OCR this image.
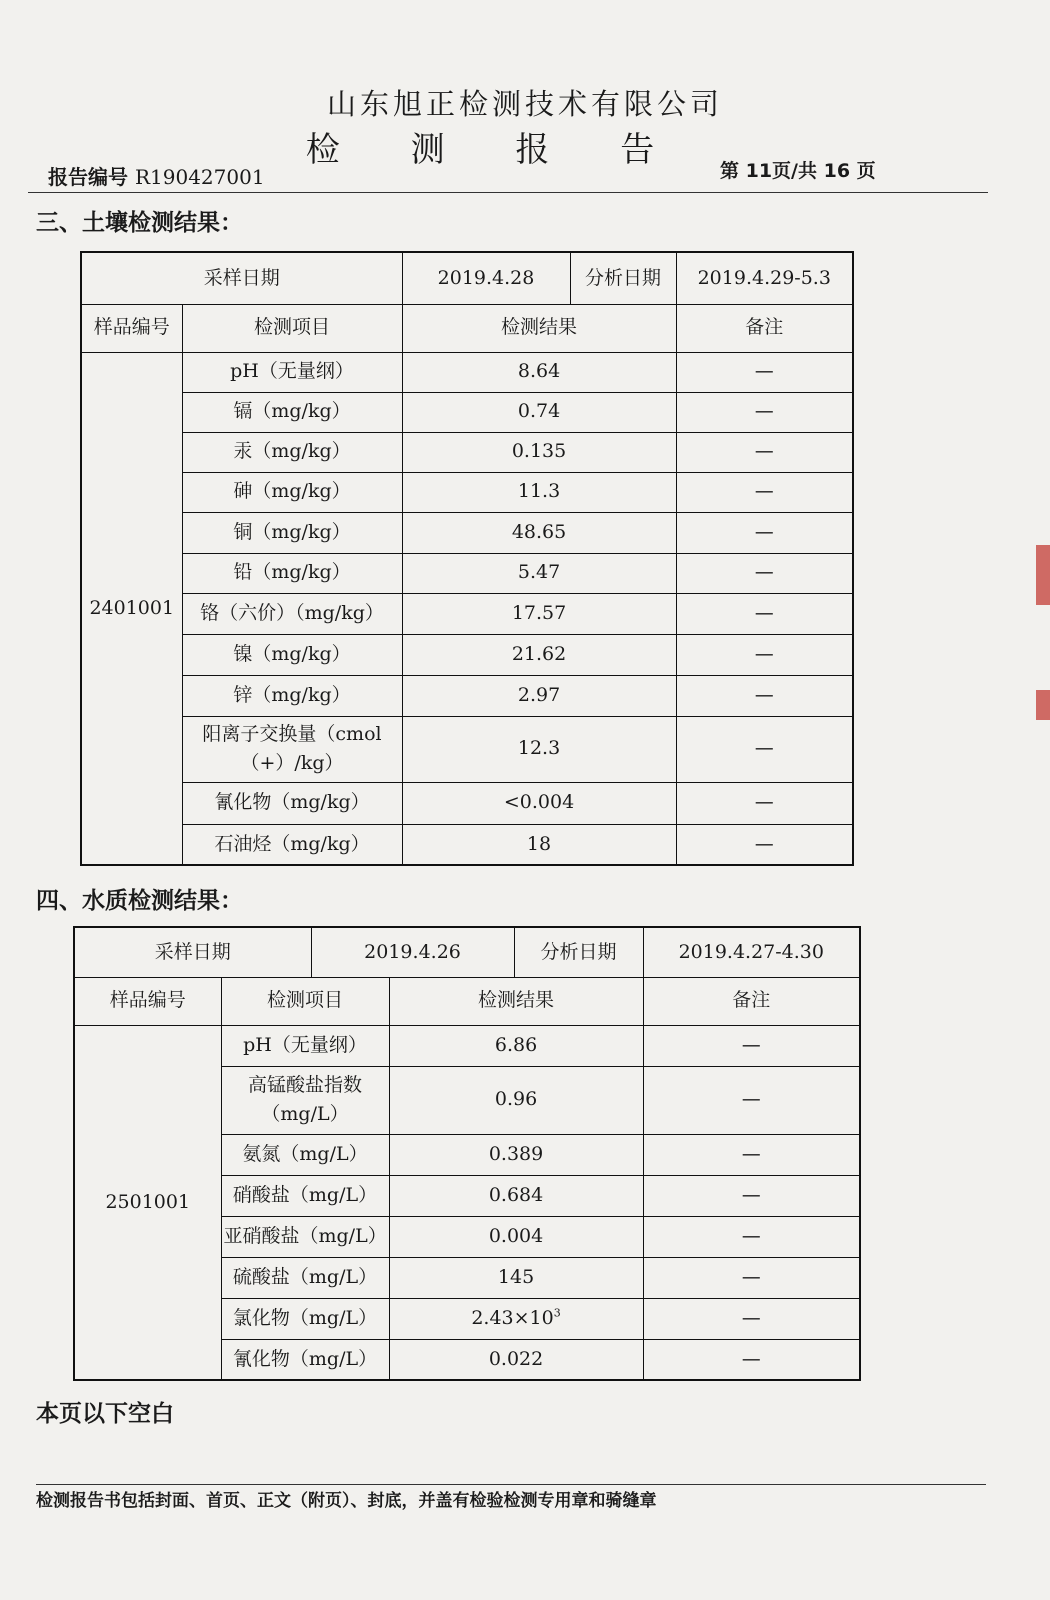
山东旭正检测技术有限公司
检 测 报 告
报告编号 R190427001	第 11页/共 16 页
三、土壤检测结果：
采样日期		2019.4.28	分析日期	2019.4.29-5.3
样品编号	检测项目	检测结果		备注
2401001	pH（无量纲）	8.64		—
	镉（mg/kg）	0.74		—
	汞（mg/kg）	0.135		—
	砷（mg/kg）	11.3		—
	铜（mg/kg）	48.65		—
	铅（mg/kg）	5.47		—
	铬（六价）（mg/kg）	17.57		—
	镍（mg/kg）	21.62		—
	锌（mg/kg）	2.97		—
	阳离子交换量（cmol（+）/kg）	12.3		—
	氰化物（mg/kg）	<0.004		—
	石油烃（mg/kg）	18		—
四、水质检测结果：
采样日期		2019.4.26		分析日期	2019.4.27-4.30
样品编号	检测项目		检测结果		备注
2501001	pH（无量纲）		6.86		—
	高锰酸盐指数（mg/L）		0.96		—
	氨氮（mg/L）		0.389		—
	硝酸盐（mg/L）		0.684		—
	亚硝酸盐（mg/L）		0.004		—
	硫酸盐（mg/L）		145		—
	氯化物（mg/L）		$2.43\times 10^3$		—
	氰化物（mg/L）		0.022		—
本页以下空白
检测报告书包括封面、首页、正文（附页）、封底，并盖有检验检测专用章和骑缝章
